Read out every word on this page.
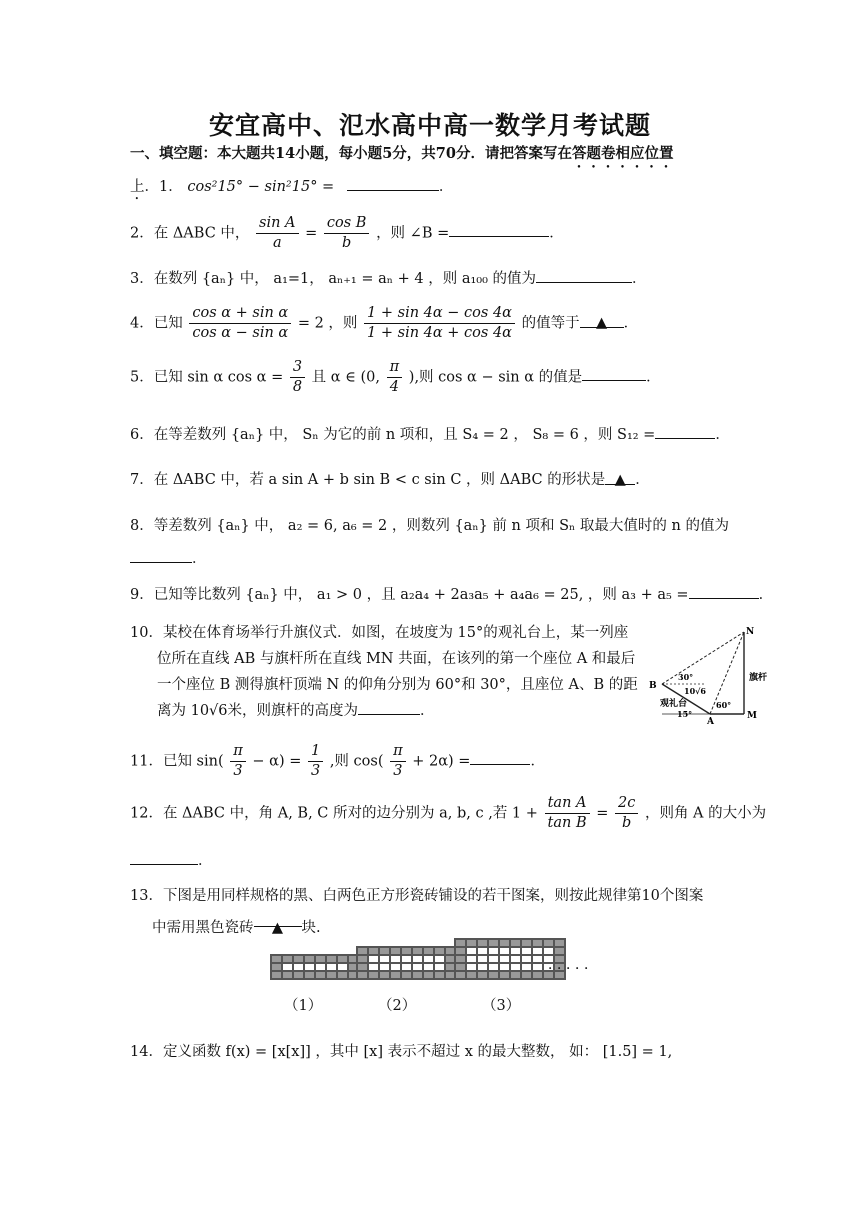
安宜高中、氾水高中高一数学月考试题
一、填空题：本大题共14小题，每小题5分，共70分．请把答案写在答题卷相应位置
上．1． cos²15° − sin²15° =	．
2．在 ΔABC 中， $\frac{\text{sin A}}{a} = \frac{\text{cos B}}{b}$ ，则 ∠B =	．
3．在数列 {aₙ} 中， a₁=1， aₙ₊₁ = aₙ + 4 ，则 a₁₀₀ 的值为	．
4．已知 $\frac{\text{cos α + sin α}}{\text{cos α − sin α}} = 2$ ，则 $\frac{1 + \sin 4\alpha - \cos 4\alpha}{1 + \sin 4\alpha + \cos 4\alpha}$ 的值等于 ▲ ．
5．已知 sin α $\cos \alpha = \frac{3}{8}$ 且 α ∈ (0, $\frac{\pi}{4}$ ),则 cos α − sin α 的值是	．
6．在等差数列 {aₙ} 中， Sₙ 为它的前 n 项和，且 S₄ = 2 ， S₈ = 6 ，则 S₁₂ =	．
7．在 ΔABC 中，若 a sin A + b sin B < c sin C ，则 ΔABC 的形状是 ▲ ．
8．等差数列 {aₙ} 中， a₂ = 6, a₆ = 2 ，则数列 {aₙ} 前 n 项和 Sₙ 取最大值时的 n 的值为
．
9．已知等比数列 {aₙ} 中， a₁ > 0 ，且 a₂a₄ + 2a₃a₅ + a₄a₆ = 25, ，则 a₃ + a₅ =	．
10．某校在体育场举行升旗仪式．如图，在坡度为 15°的观礼台上，某一列座
位所在直线 AB 与旗杆所在直线 MN 共面，在该列的第一个座位 A 和最后
一个座位 B 测得旗杆顶端 N 的仰角分别为 60°和 30°，且座位 A、B 的距
离为 10√6米，则旗杆的高度为	．
N
B
A
M
30°
10√6
60°
15°
观礼台
旗杆
11．已知 $\sin( \frac{\pi}{3} - \alpha) = \frac{1}{3}$ ,则 $\cos( \frac{\pi}{3} + 2\alpha)$ =	．
12．在 ΔABC 中，角 A, B, C 所对的边分别为 a, b, c ,若 $1 + \frac{\text{tan A}}{\text{tan B}} = \frac{2c}{b}$ ，则角 A 的大小为
．
13．下图是用同样规格的黑、白两色正方形瓷砖铺设的若干图案，则按此规律第10个图案
中需用黑色瓷砖 ▲ 块.
．．．．．
（1）	（2）	（3）
14．定义函数 f(x) = [x[x]] ，其中 [x] 表示不超过 x 的最大整数， 如： [1.5] = 1,
